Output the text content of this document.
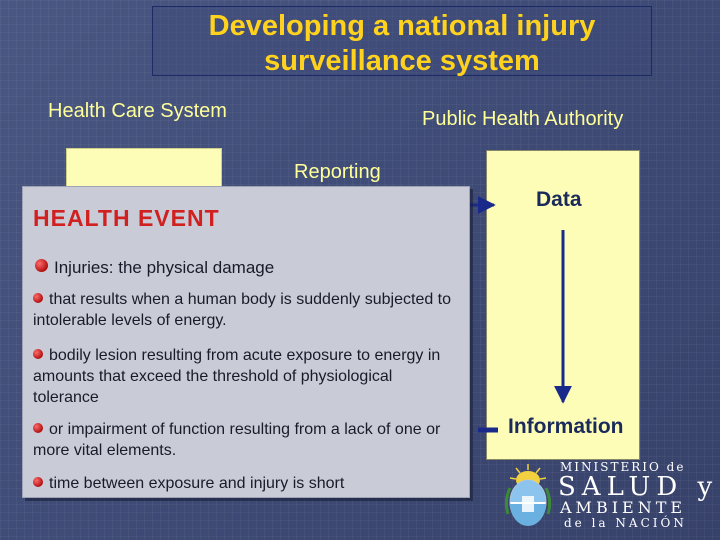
Developing a national injury
surveillance system
Health Care System	Public Health Authority
Reporting
Data
Information
HEALTH EVENT
Injuries: the physical damage
that results when a human body is suddenly subjected to intolerable levels of energy.
bodily lesion resulting from acute exposure to energy in amounts that exceed the threshold of physiological tolerance
or impairment of function resulting from a lack of one or more vital elements.
time between exposure and injury is short
MINISTERIO de
SALUD y
AMBIENTE
de la NACIÓN
